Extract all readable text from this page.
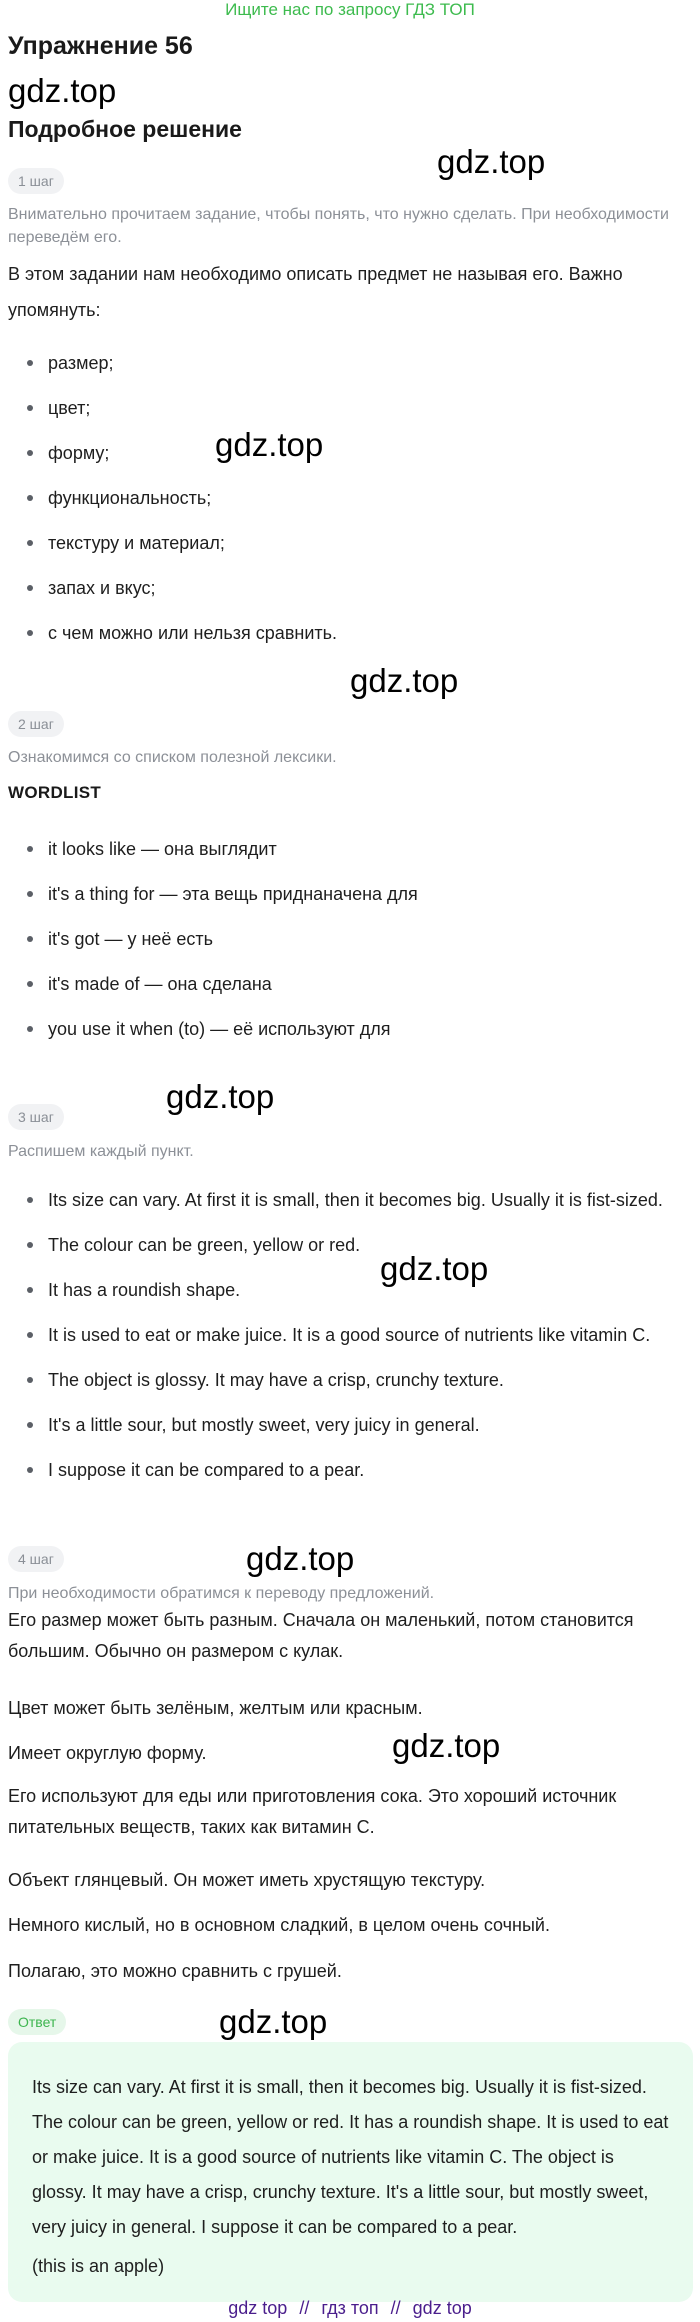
Ищите нас по запросу ГДЗ ТОП
Упражнение 56
gdz.top
Подробное решение
gdz.top
gdz.top
gdz.top
gdz.top
gdz.top
gdz.top
gdz.top
gdz.top
1 шаг
Внимательно прочитаем задание, чтобы понять, что нужно сделать. При необходимости переведём его.
В этом задании нам необходимо описать предмет не называя его. Важно упомянуть:
размер;
цвет;
форму;
функциональность;
текстуру и материал;
запах и вкус;
с чем можно или нельзя сравнить.
2 шаг
Ознакомимся со списком полезной лексики.
WORDLIST
it looks like — она выглядит
it's a thing for — эта вещь приднаначена для
it's got — у неё есть
it's made of — она сделана
you use it when (to) — её используют для
3 шаг
Распишем каждый пункт.
Its size can vary. At first it is small, then it becomes big. Usually it is fist-sized.
The colour can be green, yellow or red.
It has a roundish shape.
It is used to eat or make juice. It is a good source of nutrients like vitamin C.
The object is glossy. It may have a crisp, crunchy texture.
It's a little sour, but mostly sweet, very juicy in general.
I suppose it can be compared to a pear.
4 шаг
При необходимости обратимся к переводу предложений.
Его размер может быть разным. Сначала он маленький, потом становится большим. Обычно он размером с кулак.
Цвет может быть зелёным, желтым или красным.
Имеет округлую форму.
Его используют для еды или приготовления сока. Это хороший источник питательных веществ, таких как витамин С.
Объект глянцевый. Он может иметь хрустящую текстуру.
Немного кислый, но в основном сладкий, в целом очень сочный.
Полагаю, это можно сравнить с грушей.
Ответ
Its size can vary. At first it is small, then it becomes big. Usually it is fist-sized. The colour can be green, yellow or red. It has a roundish shape. It is used to eat or make juice. It is a good source of nutrients like vitamin C. The object is glossy. It may have a crisp, crunchy texture. It's a little sour, but mostly sweet, very juicy in general. I suppose it can be compared to a pear.
(this is an apple)
gdz top // гдз топ // gdz top
